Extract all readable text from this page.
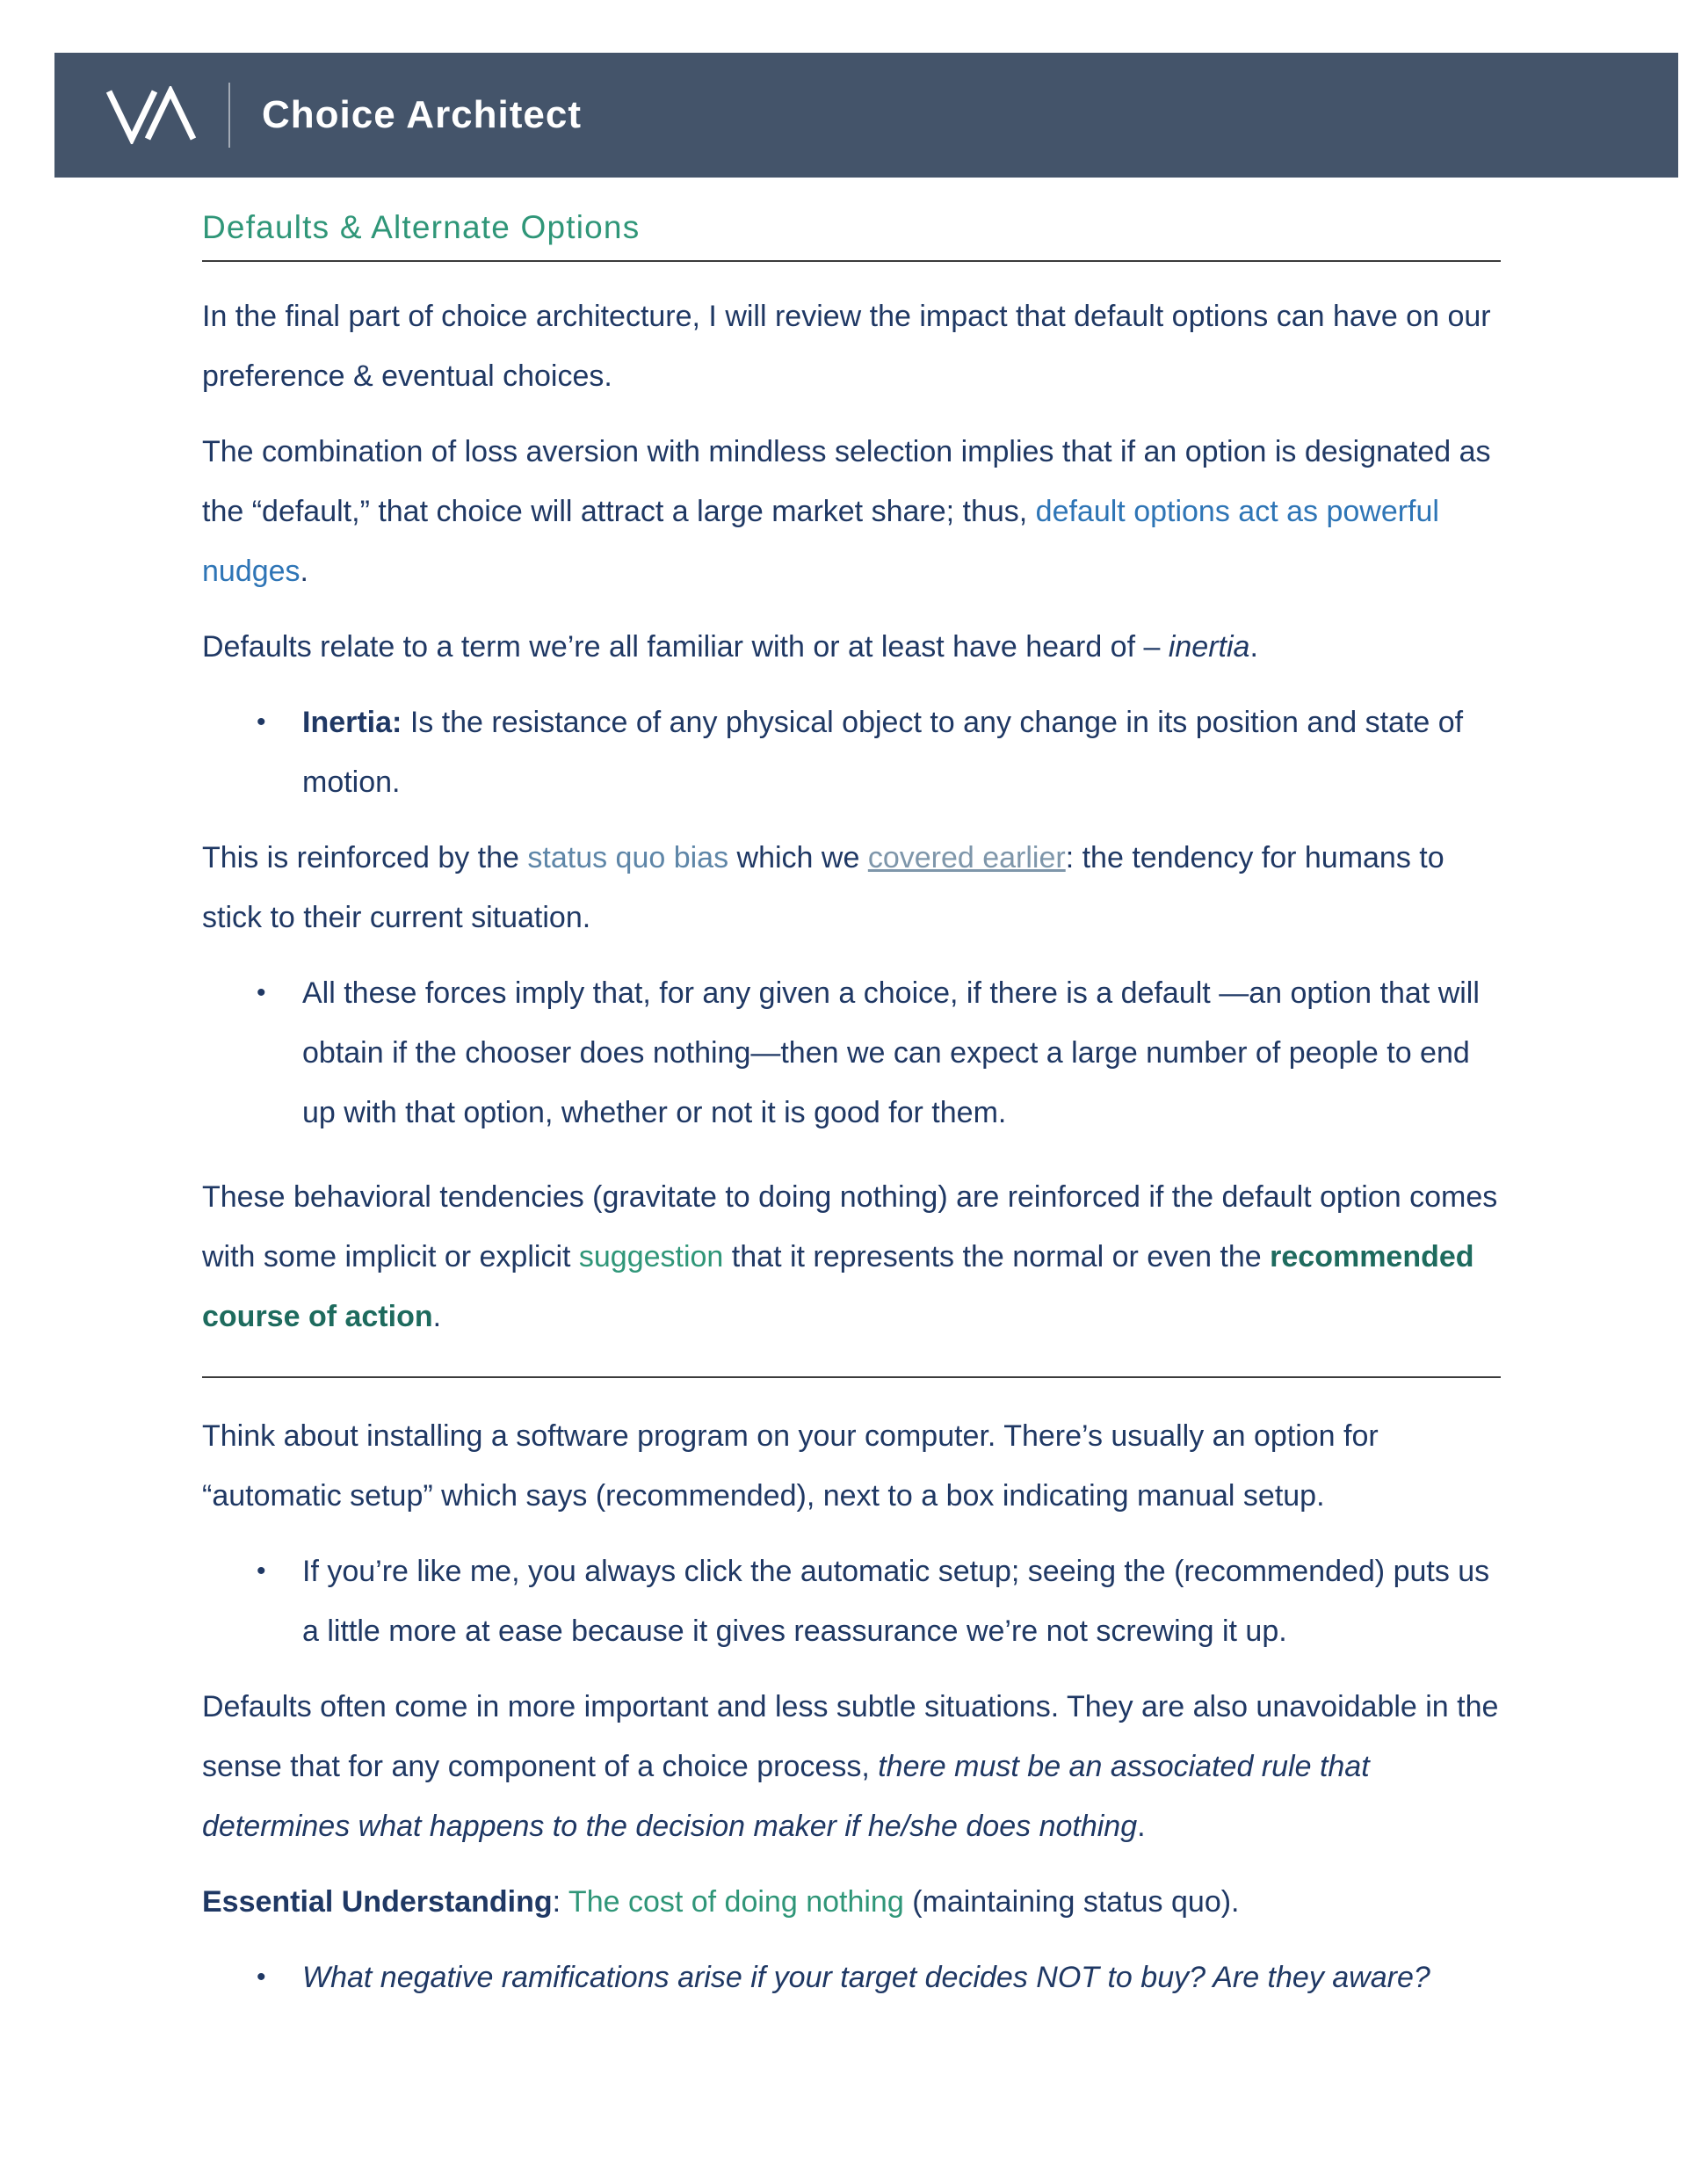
Choice Architect
Defaults & Alternate Options
In the final part of choice architecture, I will review the impact that default options can have on our preference & eventual choices.
The combination of loss aversion with mindless selection implies that if an option is designated as the “default,” that choice will attract a large market share; thus, default options act as powerful nudges.
Defaults relate to a term we’re all familiar with or at least have heard of – inertia.
•	Inertia: Is the resistance of any physical object to any change in its position and state of motion.
This is reinforced by the status quo bias which we covered earlier: the tendency for humans to stick to their current situation.
•	All these forces imply that, for any given a choice, if there is a default —an option that will obtain if the chooser does nothing—then we can expect a large number of people to end up with that option, whether or not it is good for them.
These behavioral tendencies (gravitate to doing nothing) are reinforced if the default option comes with some implicit or explicit suggestion that it represents the normal or even the recommended course of action.
Think about installing a software program on your computer. There’s usually an option for “automatic setup” which says (recommended), next to a box indicating manual setup.
•	If you’re like me, you always click the automatic setup; seeing the (recommended) puts us a little more at ease because it gives reassurance we’re not screwing it up.
Defaults often come in more important and less subtle situations. They are also unavoidable in the sense that for any component of a choice process, there must be an associated rule that determines what happens to the decision maker if he/she does nothing.
Essential Understanding: The cost of doing nothing (maintaining status quo).
•	What negative ramifications arise if your target decides NOT to buy? Are they aware?
